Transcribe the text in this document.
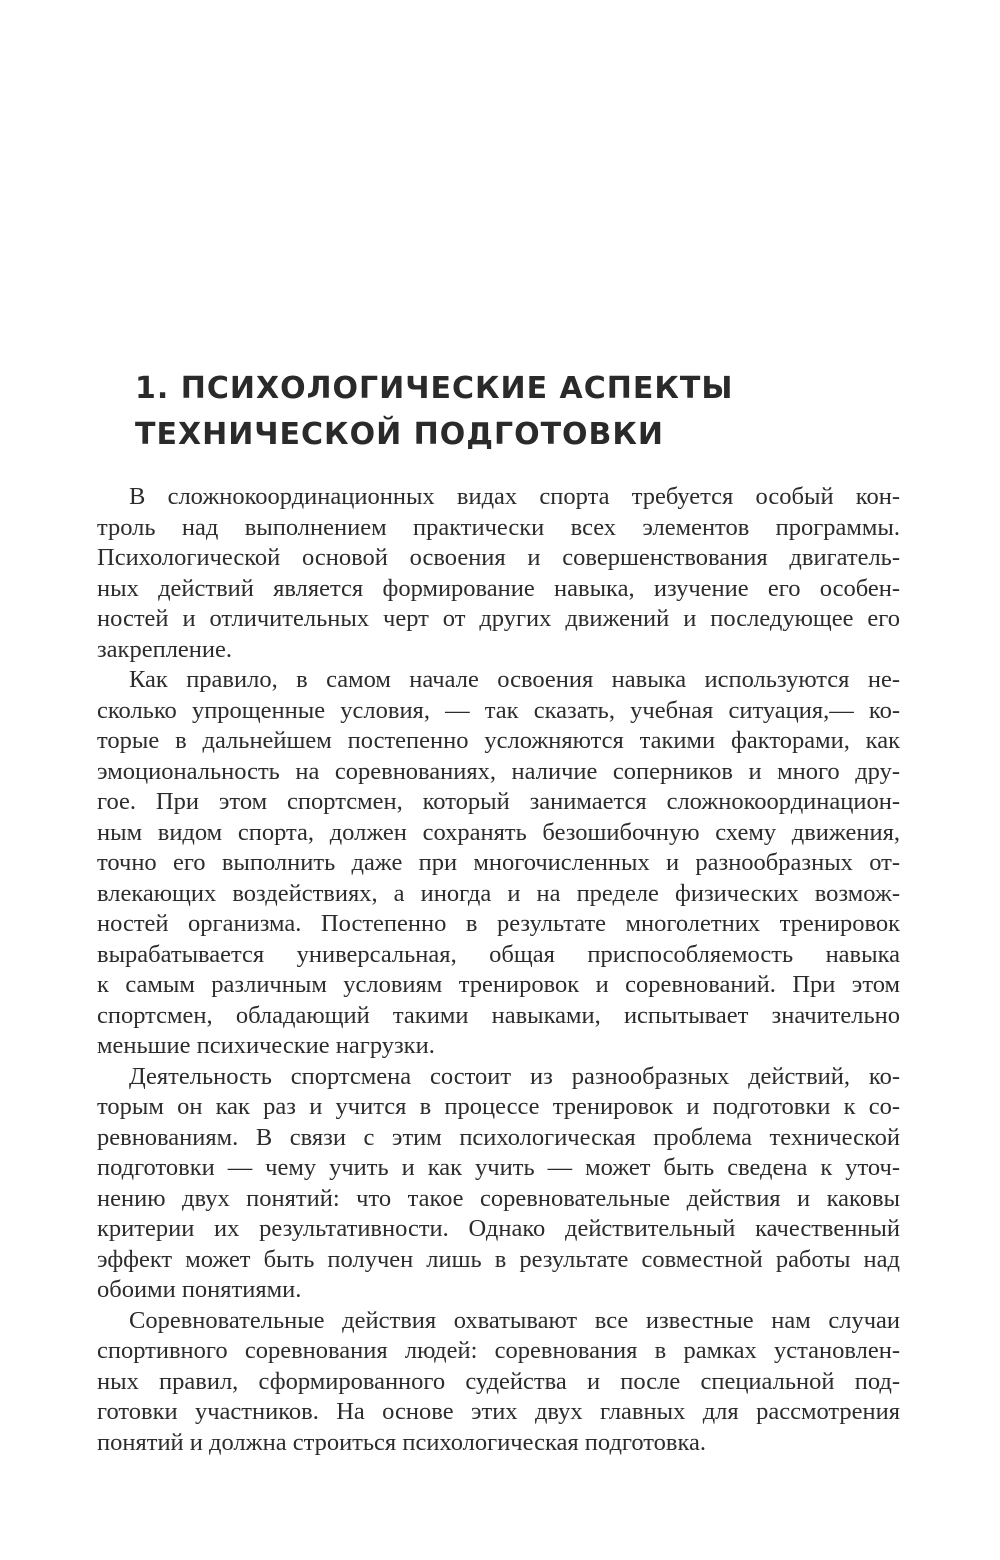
1. ПСИХОЛОГИЧЕСКИЕ АСПЕКТЫ
ТЕХНИЧЕСКОЙ ПОДГОТОВКИ

В сложнокоординационных видах спорта требуется особый кон-
троль над выполнением практически всех элементов программы.
Психологической основой освоения и совершенствования двигатель-
ных действий является формирование навыка, изучение его особен-
ностей и отличительных черт от других движений и последующее его
закрепление.

Как правило, в самом начале освоения навыка используются не-
сколько упрощенные условия, — так сказать, учебная ситуация,— ко-
торые в дальнейшем постепенно усложняются такими факторами, как
эмоциональность на соревнованиях, наличие соперников и много дру-
гое. При этом спортсмен, который занимается сложнокоординацион-
ным видом спорта, должен сохранять безошибочную схему движения,
точно его выполнить даже при многочисленных и разнообразных от-
влекающих воздействиях, а иногда и на пределе физических возмож-
ностей организма. Постепенно в результате многолетних тренировок
вырабатывается универсальная, общая приспособляемость навыка
к самым различным условиям тренировок и соревнований. При этом
спортсмен, обладающий такими навыками, испытывает значительно
меньшие психические нагрузки.

Деятельность спортсмена состоит из разнообразных действий, ко-
торым он как раз и учится в процессе тренировок и подготовки к со-
ревнованиям. В связи с этим психологическая проблема технической
подготовки — чему учить и как учить — может быть сведена к уточ-
нению двух понятий: что такое соревновательные действия и каковы
критерии их результативности. Однако действительный качественный
эффект может быть получен лишь в результате совместной работы над
обоими понятиями.

Соревновательные действия охватывают все известные нам случаи
спортивного соревнования людей: соревнования в рамках установлен-
ных правил, сформированного судейства и после специальной под-
готовки участников. На основе этих двух главных для рассмотрения
понятий и должна строиться психологическая подготовка.
